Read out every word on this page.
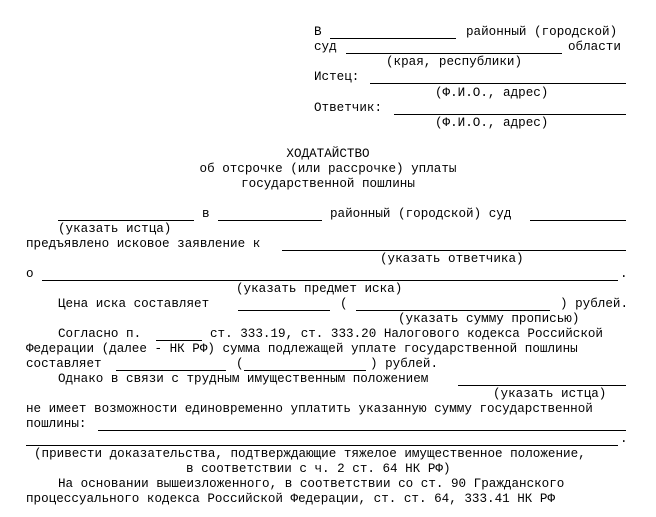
В	районный (городской)
суд	области
(края, республики)
Истец:
(Ф.И.О., адрес)
Ответчик:
(Ф.И.О., адрес)
ХОДАТАЙСТВО
об отсрочке (или рассрочке) уплаты
государственной пошлины
в	районный (городской) суд
(указать истца)
предъявлено исковое заявление к
(указать ответчика)
о	.
(указать предмет иска)
Цена иска составляет	(	) рублей.
(указать сумму прописью)
Согласно п.	ст. 333.19, ст. 333.20 Налогового кодекса Российской
Федерации (далее - НК РФ) сумма подлежащей уплате государственной пошлины
составляет	(	) рублей.
Однако в связи с трудным имущественным положением
(указать истца)
не имеет возможности единовременно уплатить указанную сумму государственной
пошлины:
.
(привести доказательства, подтверждающие тяжелое имущественное положение,
в соответствии с ч. 2 ст. 64 НК РФ)
На основании вышеизложенного, в соответствии со ст. 90 Гражданского
процессуального кодекса Российской Федерации, ст. ст. 64, 333.41 НК РФ
